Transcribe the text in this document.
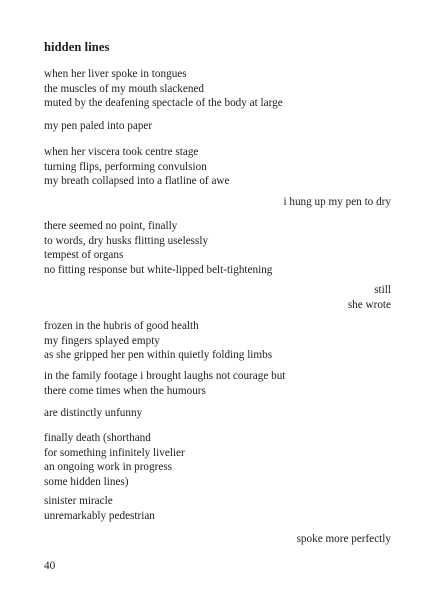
hidden lines
when her liver spoke in tongues
the muscles of my mouth slackened
muted by the deafening spectacle of the body at large
my pen paled into paper
when her viscera took centre stage
turning flips, performing convulsion
my breath collapsed into a flatline of awe
i hung up my pen to dry
there seemed no point, finally
to words, dry husks flitting uselessly
tempest of organs
no fitting response but white-lipped belt-tightening
still
she wrote
frozen in the hubris of good health
my fingers splayed empty
as she gripped her pen within quietly folding limbs
in the family footage i brought laughs not courage but
there come times when the humours
are distinctly unfunny
finally death (shorthand
for something infinitely livelier
an ongoing work in progress
some hidden lines)
sinister miracle
unremarkably pedestrian
spoke more perfectly
40
